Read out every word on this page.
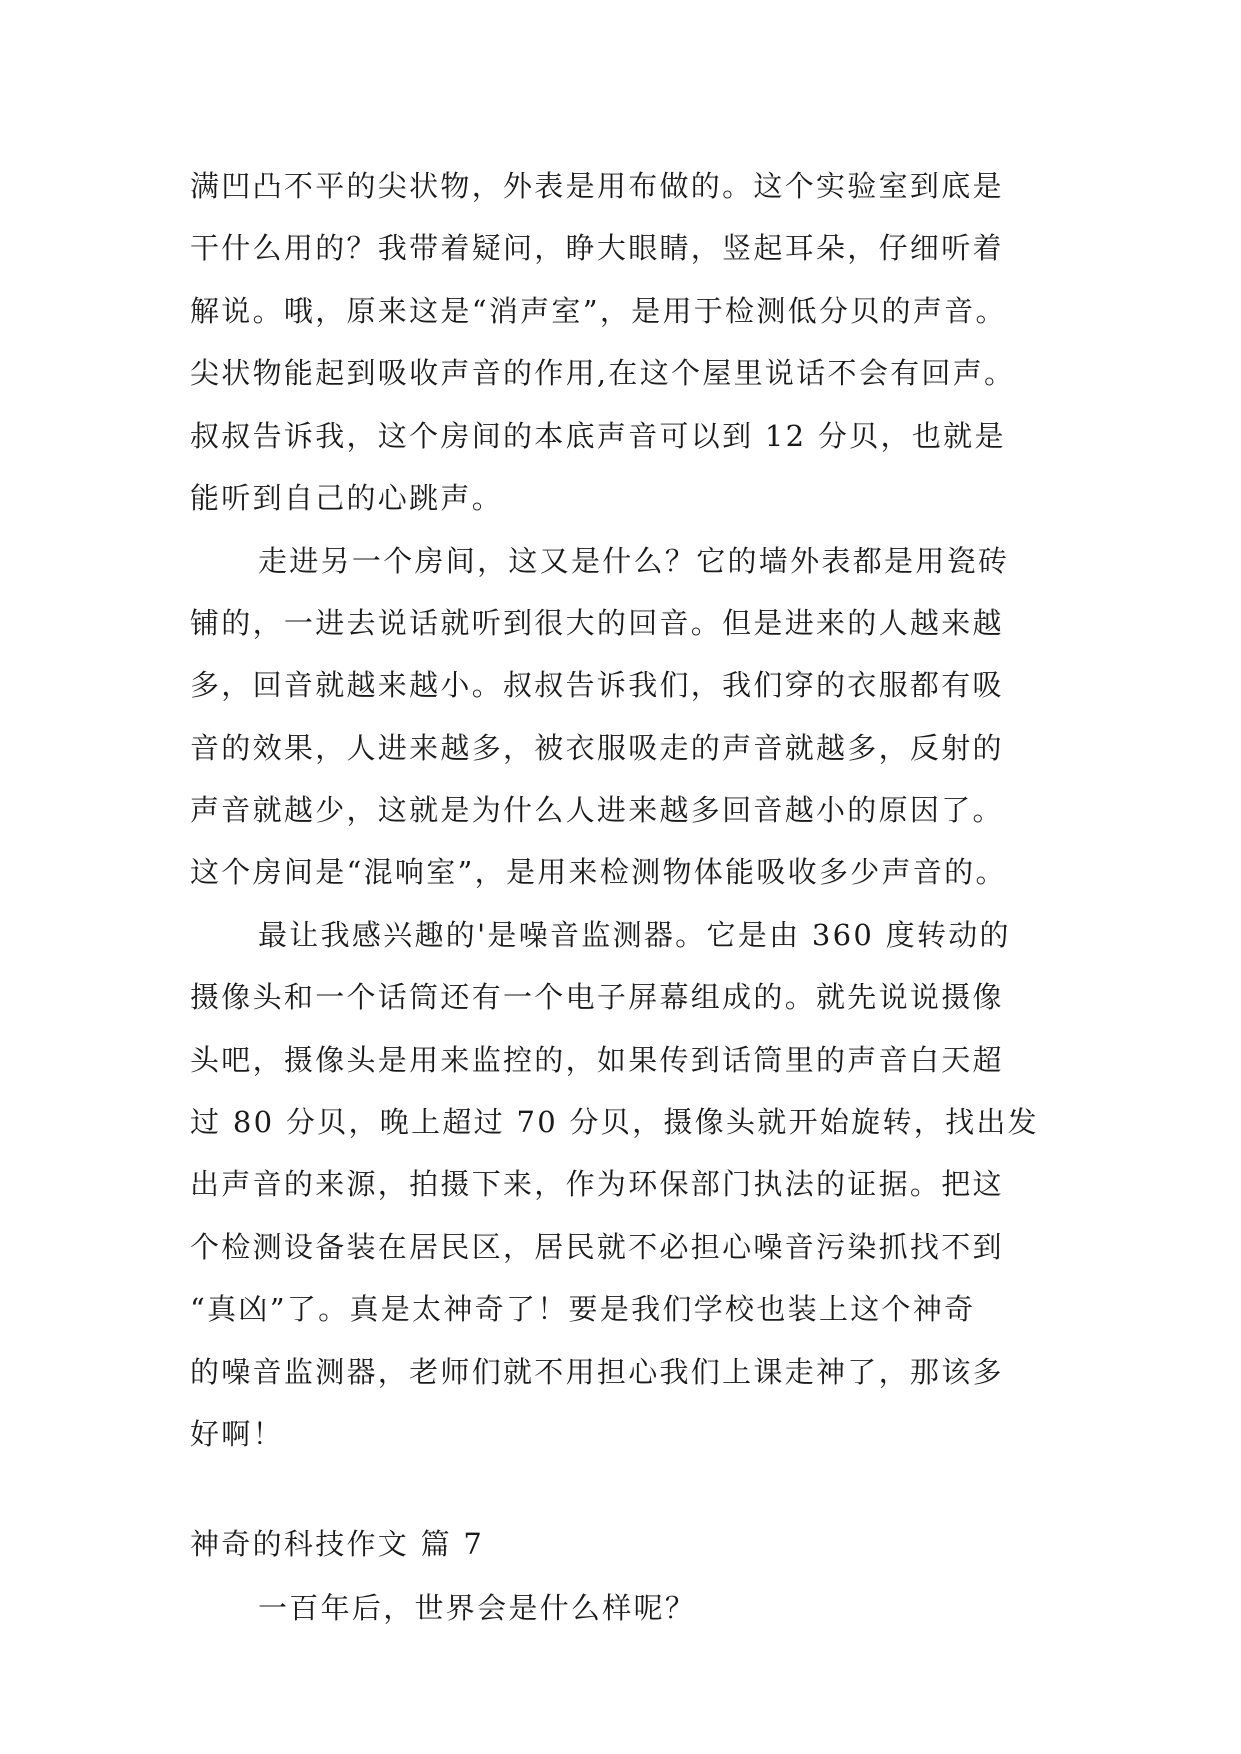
满凹凸不平的尖状物，外表是用布做的。这个实验室到底是
干什么用的？我带着疑问，睁大眼睛，竖起耳朵，仔细听着
解说。哦，原来这是“消声室”，是用于检测低分贝的声音。
尖状物能起到吸收声音的作用,在这个屋里说话不会有回声。
叔叔告诉我，这个房间的本底声音可以到 12 分贝，也就是
能听到自己的心跳声。
走进另一个房间，这又是什么？它的墙外表都是用瓷砖
铺的，一进去说话就听到很大的回音。但是进来的人越来越
多，回音就越来越小。叔叔告诉我们，我们穿的衣服都有吸
音的效果，人进来越多，被衣服吸走的声音就越多，反射的
声音就越少，这就是为什么人进来越多回音越小的原因了。
这个房间是“混响室”，是用来检测物体能吸收多少声音的。
最让我感兴趣的'是噪音监测器。它是由 360 度转动的
摄像头和一个话筒还有一个电子屏幕组成的。就先说说摄像
头吧，摄像头是用来监控的，如果传到话筒里的声音白天超
过 80 分贝，晚上超过 70 分贝，摄像头就开始旋转，找出发
出声音的来源，拍摄下来，作为环保部门执法的证据。把这
个检测设备装在居民区，居民就不必担心噪音污染抓找不到
“真凶”了。真是太神奇了！要是我们学校也装上这个神奇
的噪音监测器，老师们就不用担心我们上课走神了，那该多
好啊！
神奇的科技作文 篇 7
一百年后，世界会是什么样呢？
